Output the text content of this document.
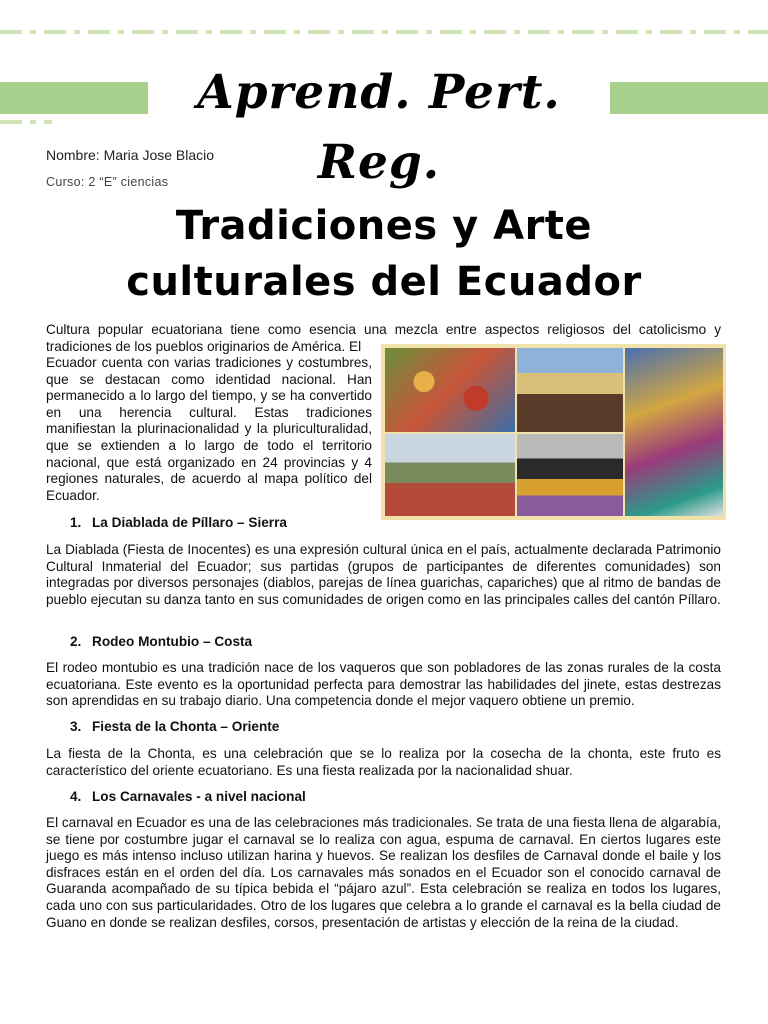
Aprend. Pert. Reg.
Nombre: Maria Jose Blacio
Curso: 2 “E” ciencias
Tradiciones y Arte
culturales del Ecuador
Cultura popular ecuatoriana tiene como esencia una mezcla entre aspectos religiosos del catolicismo y tradiciones de los pueblos originarios de América. El
Ecuador cuenta con varias tradiciones y costumbres, que se destacan como identidad nacional. Han permanecido a lo largo del tiempo, y se ha convertido en una herencia cultural. Estas tradiciones manifiestan la plurinacionalidad y la pluriculturalidad, que se extienden a lo largo de todo el territorio nacional, que está organizado en 24 provincias y 4 regiones naturales, de acuerdo al mapa político del Ecuador.
1. La Diablada de Píllaro – Sierra
La Diablada (Fiesta de Inocentes) es una expresión cultural única en el país, actualmente declarada Patrimonio Cultural Inmaterial del Ecuador; sus partidas (grupos de participantes de diferentes comunidades) son integradas por diversos personajes (diablos, parejas de línea guarichas, capariches) que al ritmo de bandas de pueblo ejecutan su danza tanto en sus comunidades de origen como en las principales calles del cantón Píllaro.
2. Rodeo Montubio – Costa
El rodeo montubio es una tradición nace de los vaqueros que son pobladores de las zonas rurales de la costa ecuatoriana. Este evento es la oportunidad perfecta para demostrar las habilidades del jinete, estas destrezas son aprendidas en su trabajo diario. Una competencia donde el mejor vaquero obtiene un premio.
3. Fiesta de la Chonta – Oriente
La fiesta de la Chonta, es una celebración que se lo realiza por la cosecha de la chonta, este fruto es característico del oriente ecuatoriano. Es una fiesta realizada por la nacionalidad shuar.
4. Los Carnavales - a nivel nacional
El carnaval en Ecuador es una de las celebraciones más tradicionales. Se trata de una fiesta llena de algarabía, se tiene por costumbre jugar el carnaval se lo realiza con agua, espuma de carnaval. En ciertos lugares este juego es más intenso incluso utilizan harina y huevos. Se realizan los desfiles de Carnaval donde el baile y los disfraces están en el orden del día. Los carnavales más sonados en el Ecuador son el conocido carnaval de Guaranda acompañado de su típica bebida el “pájaro azul”. Esta celebración se realiza en todos los lugares, cada uno con sus particularidades. Otro de los lugares que celebra a lo grande el carnaval es la bella ciudad de Guano en donde se realizan desfiles, corsos, presentación de artistas y elección de la reina de la ciudad.
